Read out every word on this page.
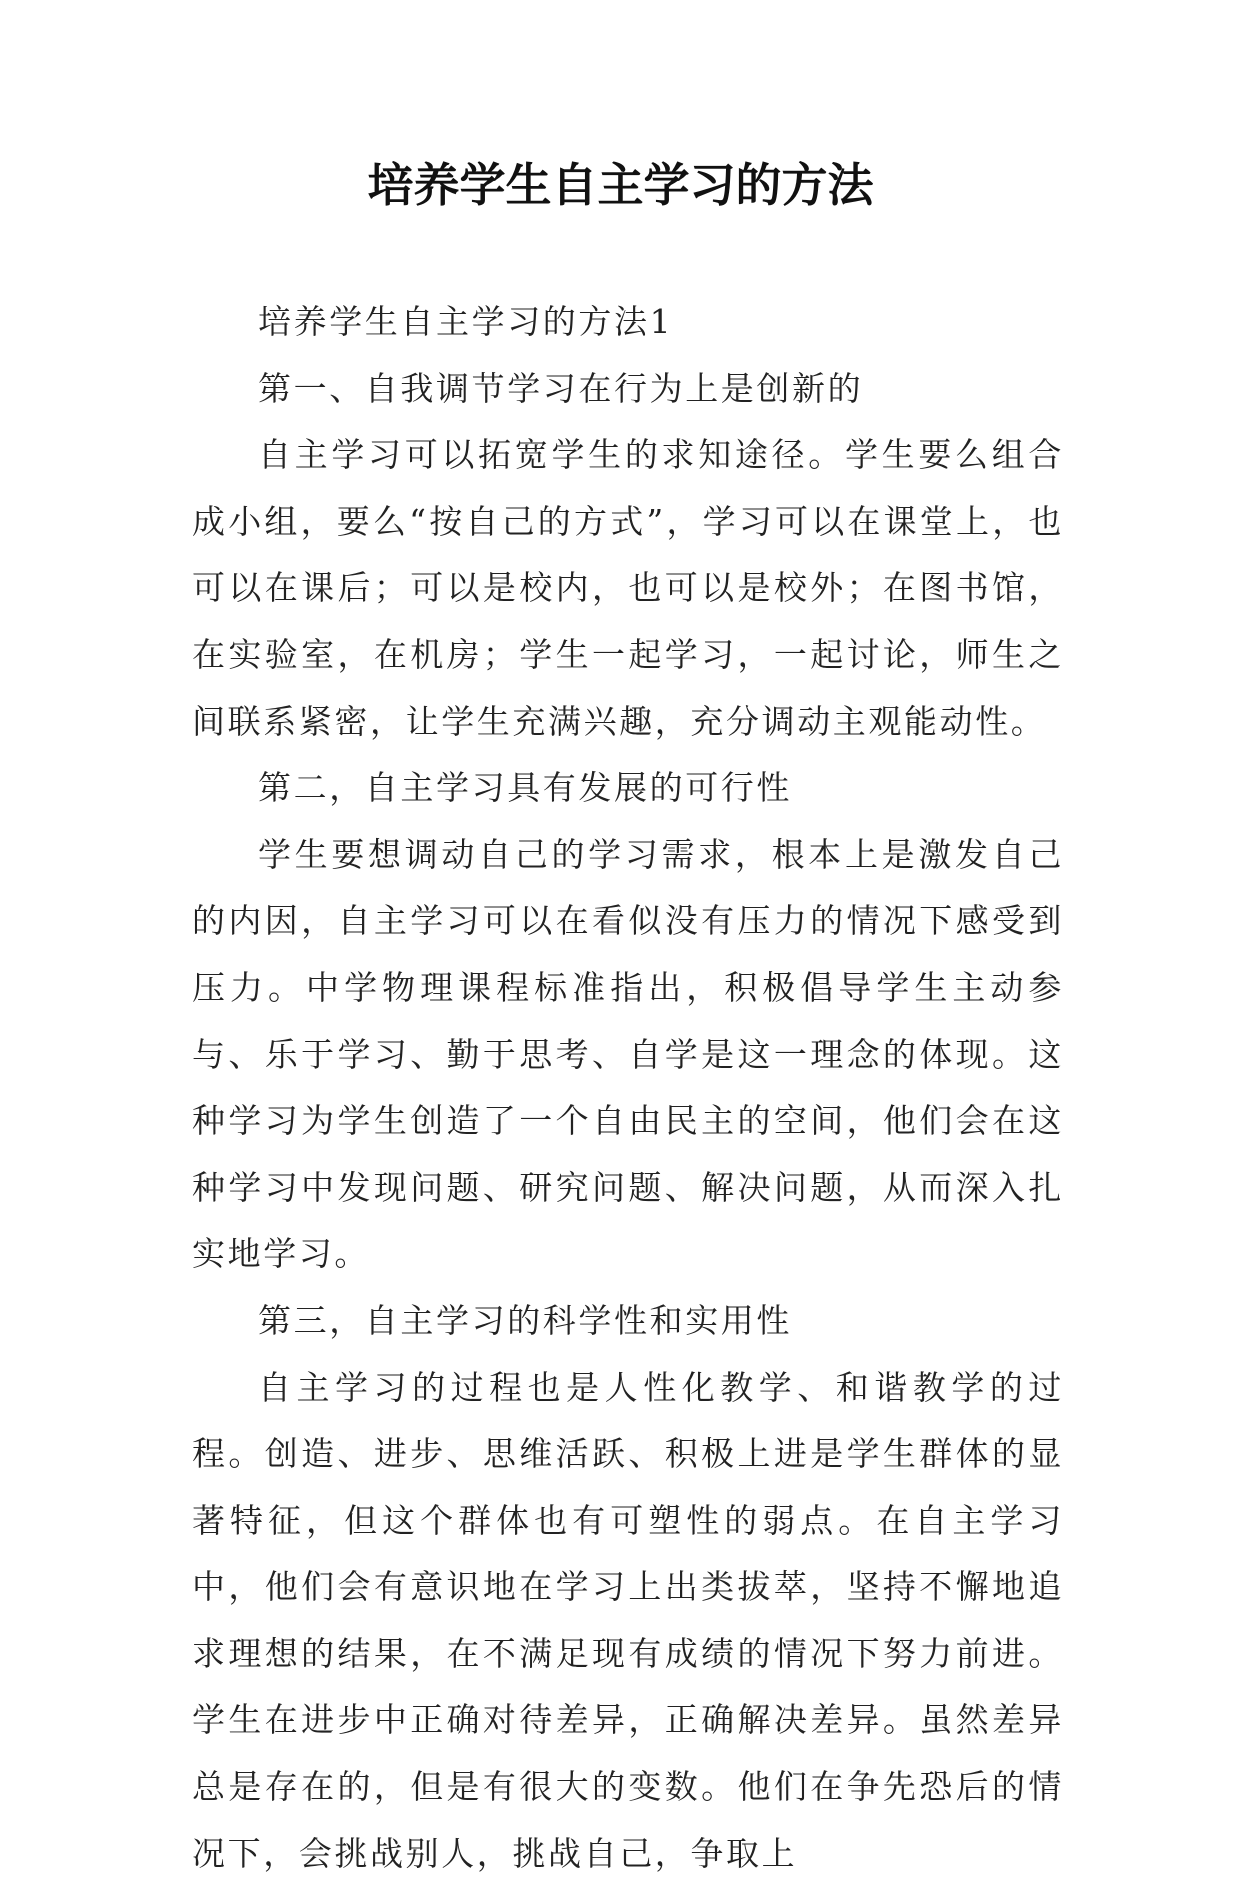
培养学生自主学习的方法

培养学生自主学习的方法1

第一、自我调节学习在行为上是创新的

自主学习可以拓宽学生的求知途径。学生要么组合成小组，要么“按自己的方式”，学习可以在课堂上，也可以在课后；可以是校内，也可以是校外；在图书馆，在实验室，在机房；学生一起学习，一起讨论，师生之间联系紧密，让学生充满兴趣，充分调动主观能动性。

第二，自主学习具有发展的可行性

学生要想调动自己的学习需求，根本上是激发自己的内因，自主学习可以在看似没有压力的情况下感受到压力。中学物理课程标准指出，积极倡导学生主动参与、乐于学习、勤于思考、自学是这一理念的体现。这种学习为学生创造了一个自由民主的空间，他们会在这种学习中发现问题、研究问题、解决问题，从而深入扎实地学习。

第三，自主学习的科学性和实用性

自主学习的过程也是人性化教学、和谐教学的过程。创造、进步、思维活跃、积极上进是学生群体的显著特征，但这个群体也有可塑性的弱点。在自主学习中，他们会有意识地在学习上出类拔萃，坚持不懈地追求理想的结果，在不满足现有成绩的情况下努力前进。学生在进步中正确对待差异，正确解决差异。虽然差异总是存在的，但是有很大的变数。他们在争先恐后的情况下，会挑战别人，挑战自己，争取上
